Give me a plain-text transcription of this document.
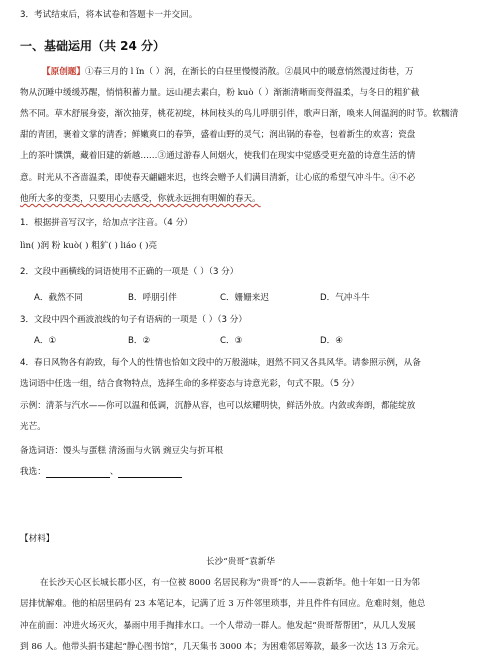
3．考试结束后，将本试卷和答题卡一并交回。
一、基础运用（共 24 分）
【原创题】①春三月的 l ǐn（ ）润，在渐长的白昼里慢慢消散。②晨风中的暖意悄然漫过街巷，万
物从沉睡中缓缓苏醒，悄悄积蓄力量。远山褪去素白，粉 kuò（ ）渐渐清晰而变得温柔，与冬日的粗犷截
然不同。草木舒展身姿，渐次抽芽，桃花初绽，林间枝头的鸟儿呼朋引伴，歌声日渐，唤来人间温润的时节。软糯清
甜的青团，裹着文掌的清香；鲜嫩爽口的春笋，盛着山野的灵气；润出锅的春卷，包着新生的欢喜；瓷盘
上的茶叶馔馔，藏着旧建的新越……③通过游春人间烟火，使我们在现实中觉感受更充盈的诗意生活的情
意。时光从不吝啬温柔，即使春天翩翩来迟，也终会赠予人们满目清新，让心底的希望气冲斗牛。④不必
他所大多的变类，只要用心去感受，你就永远拥有明媚的春天。
1．根据拼音写汉字，给加点字注音。（4 分）
lìn( )润 粉 kuò( ) 粗犷( ) liáo ( )亮
2．文段中画横线的词语使用不正确的一项是（ ）（3 分）
A．截然不同	B．呼朋引伴	C．姗姗来迟	D．气冲斗牛
3．文段中四个画波浪线的句子有语病的一项是（ ）（3 分）
A．①	B．②	C．③	D．④
4．春日风物各有韵致，每个人的性情也恰如文段中的万般滋味，迥然不同又各具风华。请参照示例，从备
选词语中任选一组，结合食物特点，选择生命的多样姿态与诗意光彩，句式不限。（5 分）
示例：清茶与汽水——你可以温和低调，沉静从容，也可以炫耀明快，鲜活外放。内敛或奔朗，都能绽放
光芒。
备选词语：馒头与蛋糕 清汤面与火锅 豌豆尖与折耳根
我选：	、
【材料】
长沙“贵哥”袁新华
在长沙天心区长城长郡小区，有一位被 8000 名居民称为“贵哥”的人——袁新华。他十年如一日为邻
居排忧解难。他的柏居里码有 23 本笔记本，记满了近 3 万件邻里琐事，并且件件有回应。危难时刻，他总
冲在前面：冲进火场灭火，暴雨中用手掏排水口。一个人带动一群人。他发起“贵哥帮帮团”，从几人发展
到 86 人。他带头捐书建起“静心图书馆”，几天集书 3000 本；为困难邻居筹款，最多一次达 13 万余元。
